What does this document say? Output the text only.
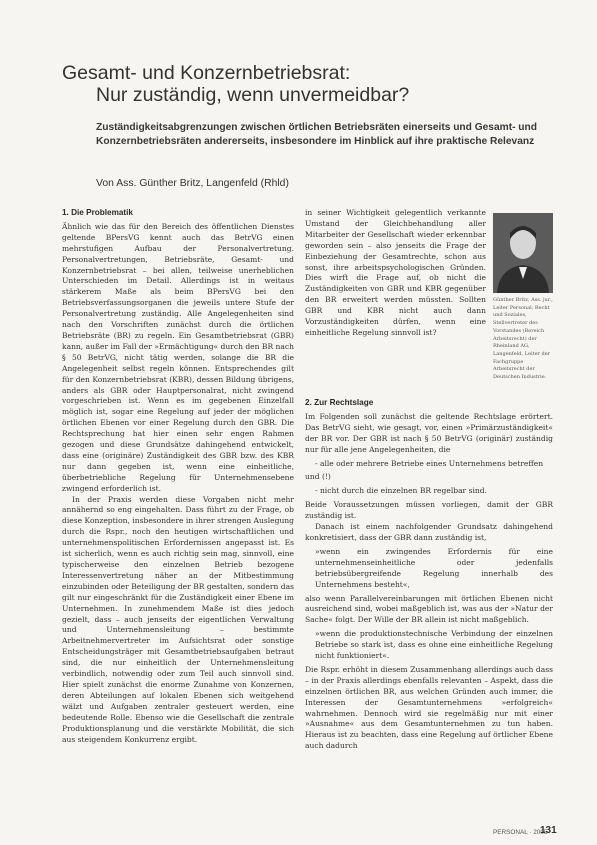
Gesamt- und Konzernbetriebsrat:
Nur zuständig, wenn unvermeidbar?
Zuständigkeitsabgrenzungen zwischen örtlichen Betriebsräten einerseits und Gesamt- und Konzernbetriebsräten andererseits, insbesondere im Hinblick auf ihre praktische Relevanz
Von Ass. Günther Britz, Langenfeld (Rhld)
1. Die Problematik

Ähnlich wie das für den Bereich des öffentlichen Dienstes geltende BPersVG kennt auch das BetrVG einen mehrstufigen Aufbau der Personalvertretung. Personalvertretungen, Betriebsräte, Gesamt- und Konzernbetriebsrat – bei allen, teilweise unerheblichen Unterschieden im Detail. Allerdings ist in weitaus stärkerem Maße als beim BPersVG bei den Betriebsverfassungsorganen die jeweils untere Stufe der Personalvertretung zuständig. Alle Angelegenheiten sind nach den Vorschriften zunächst durch die örtlichen Betriebsräte (BR) zu regeln. Ein Gesamtbetriebsrat (GBR) kann, außer im Fall der »Ermächtigung« durch den BR nach § 50 BetrVG, nicht tätig werden, solange die BR die Angelegenheit selbst regeln können. Entsprechendes gilt für den Konzernbetriebsrat (KBR), dessen Bildung übrigens, anders als GBR oder Hauptpersonalrat, nicht zwingend vorgeschrieben ist. Wenn es im gegebenen Einzelfall möglich ist, sogar eine Regelung auf jeder der möglichen örtlichen Ebenen vor einer Regelung durch den GBR. Die Rechtsprechung hat hier einen sehr engen Rahmen gezogen und diese Grundsätze dahingehend entwickelt, dass eine (originäre) Zuständigkeit des GBR bzw. des KBR nur dann gegeben ist, wenn eine einheitliche, überbetriebliche Regelung für Unternehmensebene zwingend erforderlich ist.

In der Praxis werden diese Vorgaben nicht mehr annähernd so eng eingehalten. Dass führt zu der Frage, ob diese Konzeption, insbesondere in ihrer strengen Auslegung durch die Rspr., noch den heutigen wirtschaftlichen und unternehmenspolitischen Erfordernissen angepasst ist. Es ist sicherlich, wenn es auch richtig sein mag, sinnvoll, eine typischerweise den einzelnen Betrieb bezogene Interessenvertretung näher an der Mitbestimmung einzubinden oder Beteiligung der BR gestalten, sondern das gilt nur eingeschränkt für die Zuständigkeit einer Ebene im Unternehmen. In zunehmendem Maße ist dies jedoch gezielt, dass – auch jenseits der eigentlichen Verwaltung und Unternehmensleitung – bestimmte Arbeitnehmervertreter im Aufsichtsrat oder sonstige Entscheidungsträger mit Gesamtbetriebsaufgaben betraut sind, die nur einheitlich der Unternehmensleitung verbindlich, notwendig oder zum Teil auch sinnvoll sind. Hier spielt zunächst die enorme Zunahme von Konzernen, deren Abteilungen auf lokalen Ebenen sich weitgehend wälzt und Aufgaben zentraler gesteuert werden, eine bedeutende Rolle. Ebenso wie die Gesellschaft die zentrale Produktionsplanung und die verstärkte Mobilität, die sich aus steigendem Konkurrenz ergibt.

in seiner Wichtigkeit gelegentlich verkannte Umstand der Gleichbehandlung aller Mitarbeiter der Gesellschaft wieder erkennbar geworden sein – also jenseits die Frage der Einbeziehung der Gesamtrechte, schon aus sonst, ihre arbeitspsychologischen Gründen. Dies wirft die Frage auf, ob nicht die Zuständigkeiten von GBR und KBR gegenüber den BR erweitert werden müssten. Sollten GBR und KBR nicht auch dann Vorzuständigkeiten dürfen, wenn eine einheitliche Regelung sinnvoll ist?

Günther Britz, Ass. jur., Leiter Personal, Recht und Soziales, Stellvertreter des Vorstandes (Bereich Arbeitsrecht) der Rheinland AG, Langenfeld, Leiter der Fachgruppe Arbeitsrecht der Deutschen Industrie.
2. Zur Rechtslage

Im Folgenden soll zunächst die geltende Rechtslage erörtert. Das BetrVG sieht, wie gesagt, vor, einen »Primärzuständigkeit« der BR vor. Der GBR ist nach § 50 BetrVG (originär) zuständig nur für alle jene Angelegenheiten, die

- alle oder mehrere Betriebe eines Unternehmens betreffen

und (!)

- nicht durch die einzelnen BR regelbar sind.

Beide Voraussetzungen müssen vorliegen, damit der GBR zuständig ist.

Danach ist einem nachfolgender Grundsatz dahingehend konkretisiert, dass der GBR dann zuständig ist,

»wenn ein zwingendes Erfordernis für eine unternehmenseinheitliche oder jedenfalls betriebsübergreifende Regelung innerhalb des Unternehmens besteht«,

also wenn Parallelvereinbarungen mit örtlichen Ebenen nicht ausreichend sind, wobei maßgeblich ist, was aus der »Natur der Sache« folgt. Der Wille der BR allein ist nicht maßgeblich.

»wenn die produktionstechnische Verbindung der einzelnen Betriebe so stark ist, dass es ohne eine einheitliche Regelung nicht funktioniert«.

Die Rspr. erhöht in diesem Zusammenhang allerdings auch dass – in der Praxis allerdings ebenfalls relevanten – Aspekt, dass die einzelnen örtlichen BR, aus welchen Gründen auch immer, die Interessen der Gesamtunternehmens »erfolgreich« wahrnehmen. Dennoch wird sie regelmäßig nur mit einer »Ausnahme« aus dem Gesamtunternehmen zu tun haben. Hieraus ist zu beachten, dass eine Regelung auf örtlicher Ebene auch dadurch

PERSONAL · 2005
131
